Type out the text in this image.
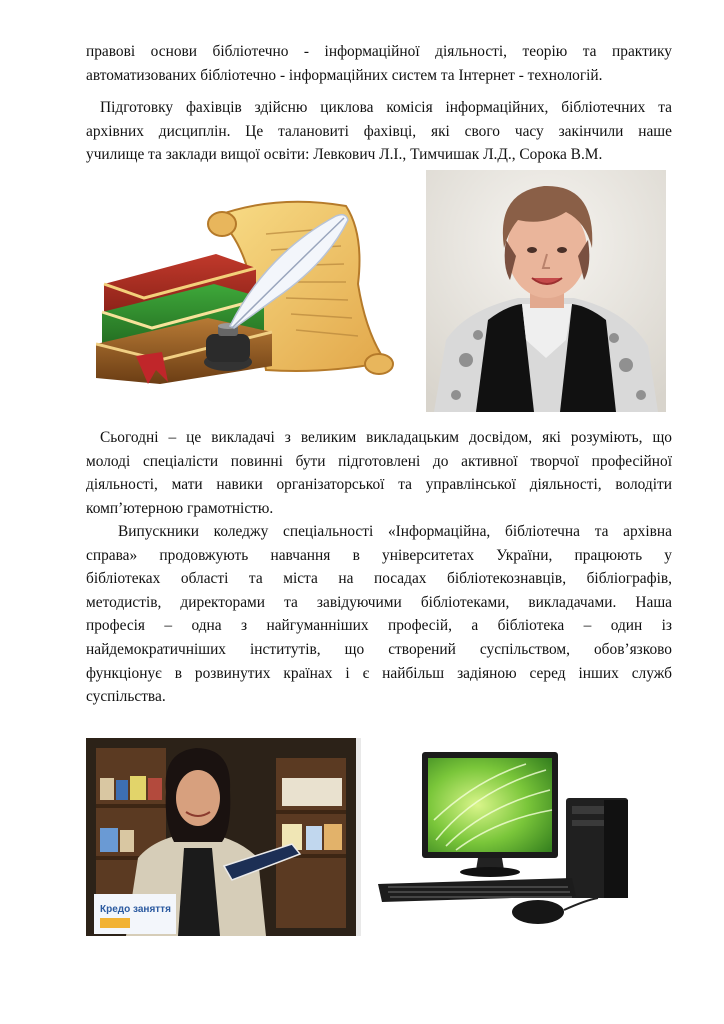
правові основи бібліотечно - інформаційної діяльності, теорію та практику
автоматизованих бібліотечно - інформаційних систем та Інтернет - технологій.
Підготовку фахівців здійсню циклова комісія інформаційних, бібліотечних та
архівних дисциплін. Це талановиті фахівці, які свого часу закінчили наше
училище та заклади вищої освіти: Левкович Л.І., Тимчишак Л.Д., Сорока В.М.
Сьогодні – це викладачі з великим викладацьким досвідом, які розуміють, що
молоді спеціалісти повинні бути підготовлені до активної творчої професійної
діяльності, мати навики організаторської та управлінської діяльності, володіти
комп’ютерною грамотністю.
Випускники коледжу спеціальності «Інформаційна, бібліотечна та архівна
справа» продовжують навчання в університетах України, працюють у
бібліотеках області та міста на посадах бібліотекознавців, бібліографів,
методистів, директорами та завідуючими бібліотеками, викладачами. Наша
професія – одна з найгуманніших професій, а бібліотека – один із
найдемократичніших інститутів, що створений суспільством, обов’язково
функціонує в розвинутих країнах і є найбільш задіяною серед інших служб
суспільства.
Кредо заняття
